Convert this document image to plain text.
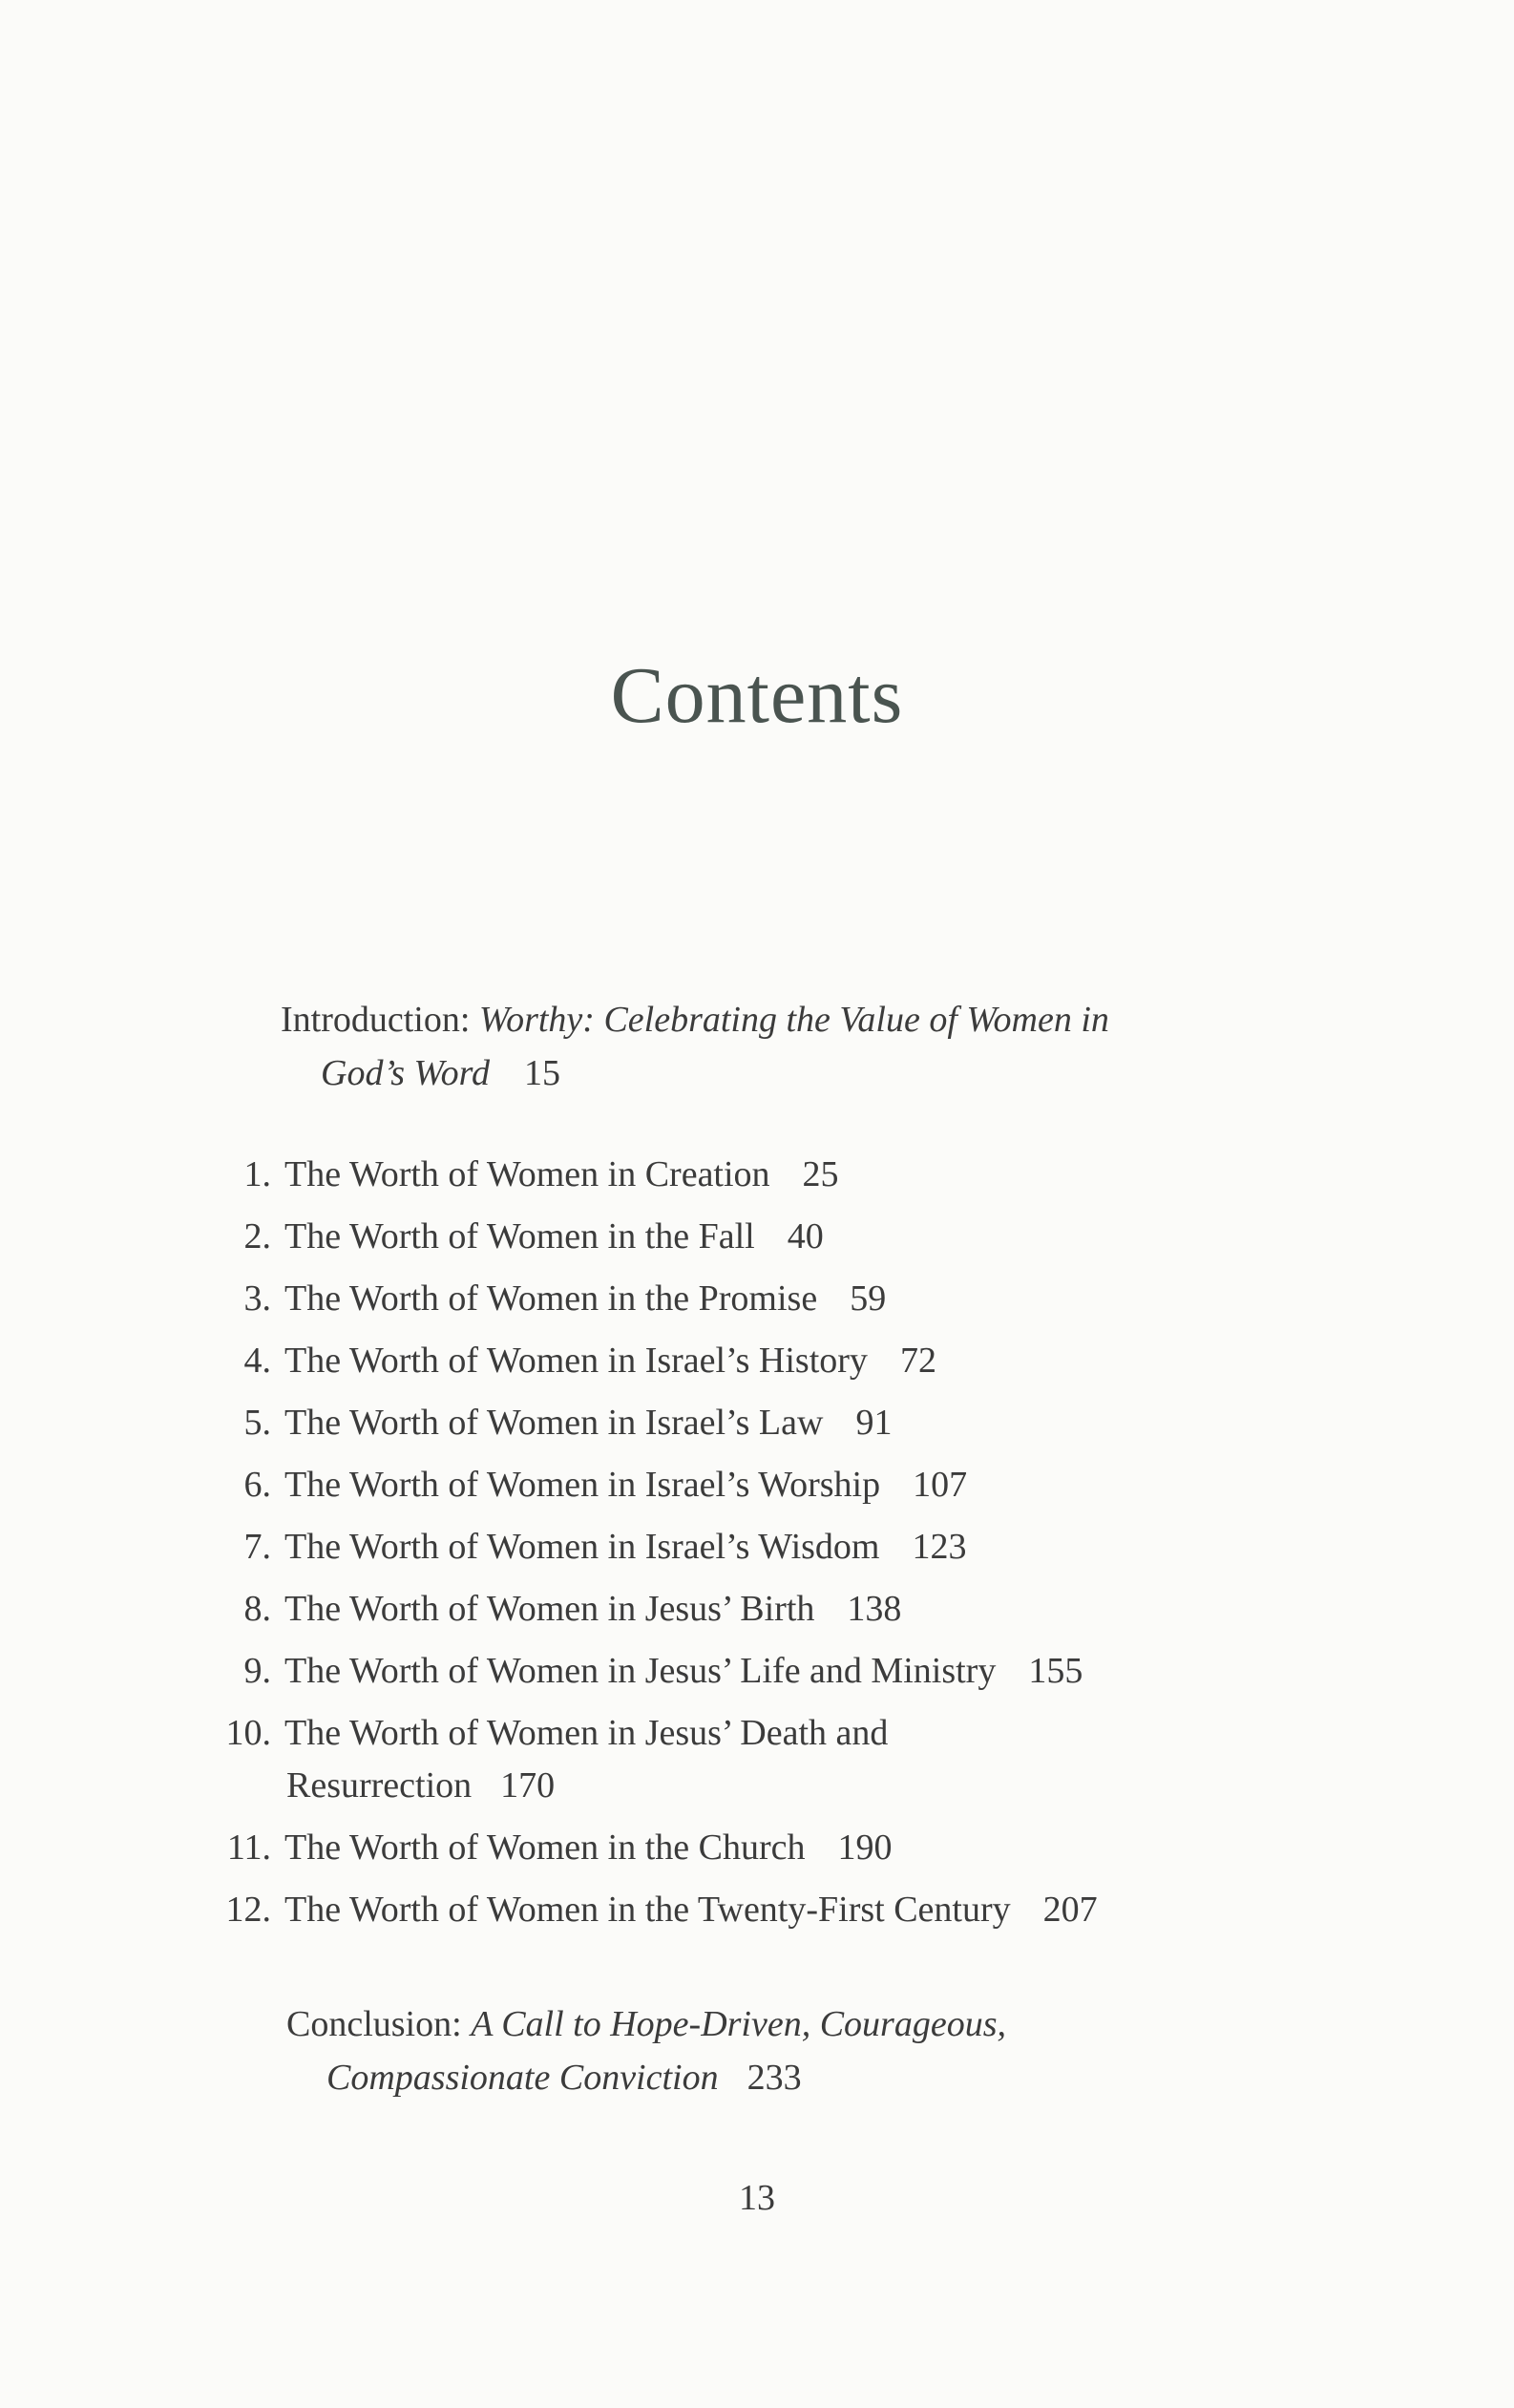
Contents
Introduction: Worthy: Celebrating the Value of Women in
God’s Word 15
1. The Worth of Women in Creation 25
2. The Worth of Women in the Fall 40
3. The Worth of Women in the Promise 59
4. The Worth of Women in Israel’s History 72
5. The Worth of Women in Israel’s Law 91
6. The Worth of Women in Israel’s Worship 107
7. The Worth of Women in Israel’s Wisdom 123
8. The Worth of Women in Jesus’ Birth 138
9. The Worth of Women in Jesus’ Life and Ministry 155
10. The Worth of Women in Jesus’ Death and
Resurrection 170
11. The Worth of Women in the Church 190
12. The Worth of Women in the Twenty-First Century 207
Conclusion: A Call to Hope-Driven, Courageous,
Compassionate Conviction 233
13
